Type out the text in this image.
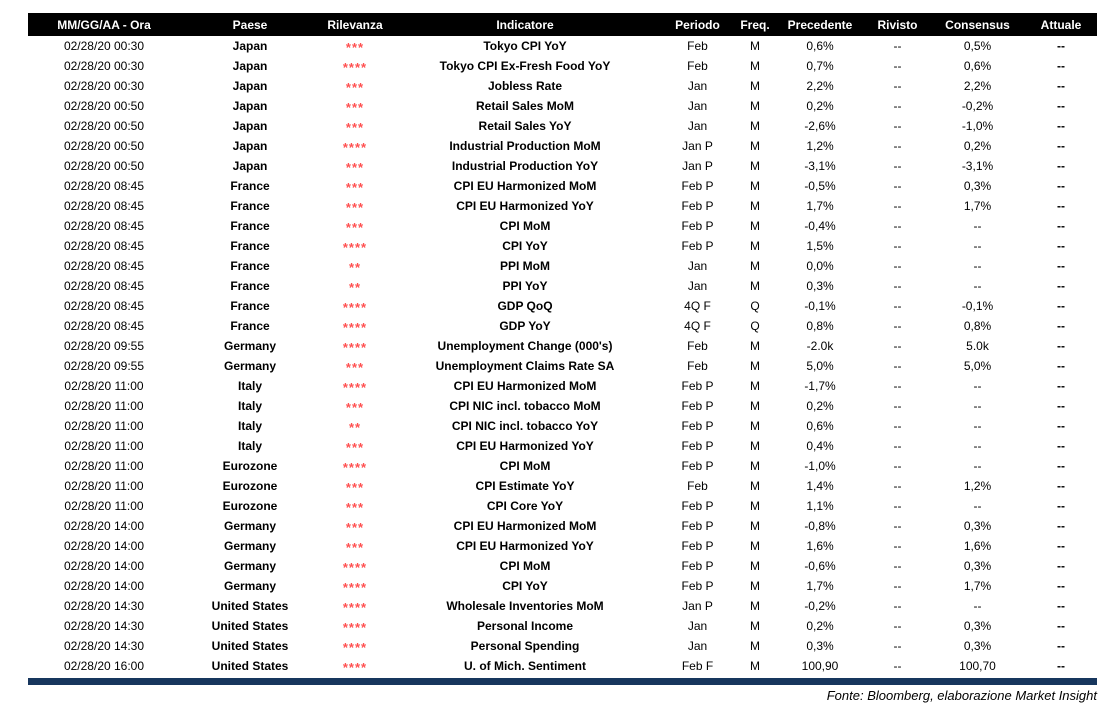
MM/GG/AA - Ora	Paese	Rilevanza	Indicatore	Periodo	Freq.	Precedente	Rivisto	Consensus	Attuale
02/28/20 00:30	Japan	***	Tokyo CPI YoY	Feb	M	0,6%	--	0,5%	--
02/28/20 00:30	Japan	****	Tokyo CPI Ex-Fresh Food YoY	Feb	M	0,7%	--	0,6%	--
02/28/20 00:30	Japan	***	Jobless Rate	Jan	M	2,2%	--	2,2%	--
02/28/20 00:50	Japan	***	Retail Sales MoM	Jan	M	0,2%	--	-0,2%	--
02/28/20 00:50	Japan	***	Retail Sales YoY	Jan	M	-2,6%	--	-1,0%	--
02/28/20 00:50	Japan	****	Industrial Production MoM	Jan P	M	1,2%	--	0,2%	--
02/28/20 00:50	Japan	***	Industrial Production YoY	Jan P	M	-3,1%	--	-3,1%	--
02/28/20 08:45	France	***	CPI EU Harmonized MoM	Feb P	M	-0,5%	--	0,3%	--
02/28/20 08:45	France	***	CPI EU Harmonized YoY	Feb P	M	1,7%	--	1,7%	--
02/28/20 08:45	France	***	CPI MoM	Feb P	M	-0,4%	--	--	--
02/28/20 08:45	France	****	CPI YoY	Feb P	M	1,5%	--	--	--
02/28/20 08:45	France	**	PPI MoM	Jan	M	0,0%	--	--	--
02/28/20 08:45	France	**	PPI YoY	Jan	M	0,3%	--	--	--
02/28/20 08:45	France	****	GDP QoQ	4Q F	Q	-0,1%	--	-0,1%	--
02/28/20 08:45	France	****	GDP YoY	4Q F	Q	0,8%	--	0,8%	--
02/28/20 09:55	Germany	****	Unemployment Change (000's)	Feb	M	-2.0k	--	5.0k	--
02/28/20 09:55	Germany	***	Unemployment Claims Rate SA	Feb	M	5,0%	--	5,0%	--
02/28/20 11:00	Italy	****	CPI EU Harmonized MoM	Feb P	M	-1,7%	--	--	--
02/28/20 11:00	Italy	***	CPI NIC incl. tobacco MoM	Feb P	M	0,2%	--	--	--
02/28/20 11:00	Italy	**	CPI NIC incl. tobacco YoY	Feb P	M	0,6%	--	--	--
02/28/20 11:00	Italy	***	CPI EU Harmonized YoY	Feb P	M	0,4%	--	--	--
02/28/20 11:00	Eurozone	****	CPI MoM	Feb P	M	-1,0%	--	--	--
02/28/20 11:00	Eurozone	***	CPI Estimate YoY	Feb	M	1,4%	--	1,2%	--
02/28/20 11:00	Eurozone	***	CPI Core YoY	Feb P	M	1,1%	--	--	--
02/28/20 14:00	Germany	***	CPI EU Harmonized MoM	Feb P	M	-0,8%	--	0,3%	--
02/28/20 14:00	Germany	***	CPI EU Harmonized YoY	Feb P	M	1,6%	--	1,6%	--
02/28/20 14:00	Germany	****	CPI MoM	Feb P	M	-0,6%	--	0,3%	--
02/28/20 14:00	Germany	****	CPI YoY	Feb P	M	1,7%	--	1,7%	--
02/28/20 14:30	United States	****	Wholesale Inventories MoM	Jan P	M	-0,2%	--	--	--
02/28/20 14:30	United States	****	Personal Income	Jan	M	0,2%	--	0,3%	--
02/28/20 14:30	United States	****	Personal Spending	Jan	M	0,3%	--	0,3%	--
02/28/20 16:00	United States	****	U. of Mich. Sentiment	Feb F	M	100,90	--	100,70	--
Fonte: Bloomberg, elaborazione Market Insight
